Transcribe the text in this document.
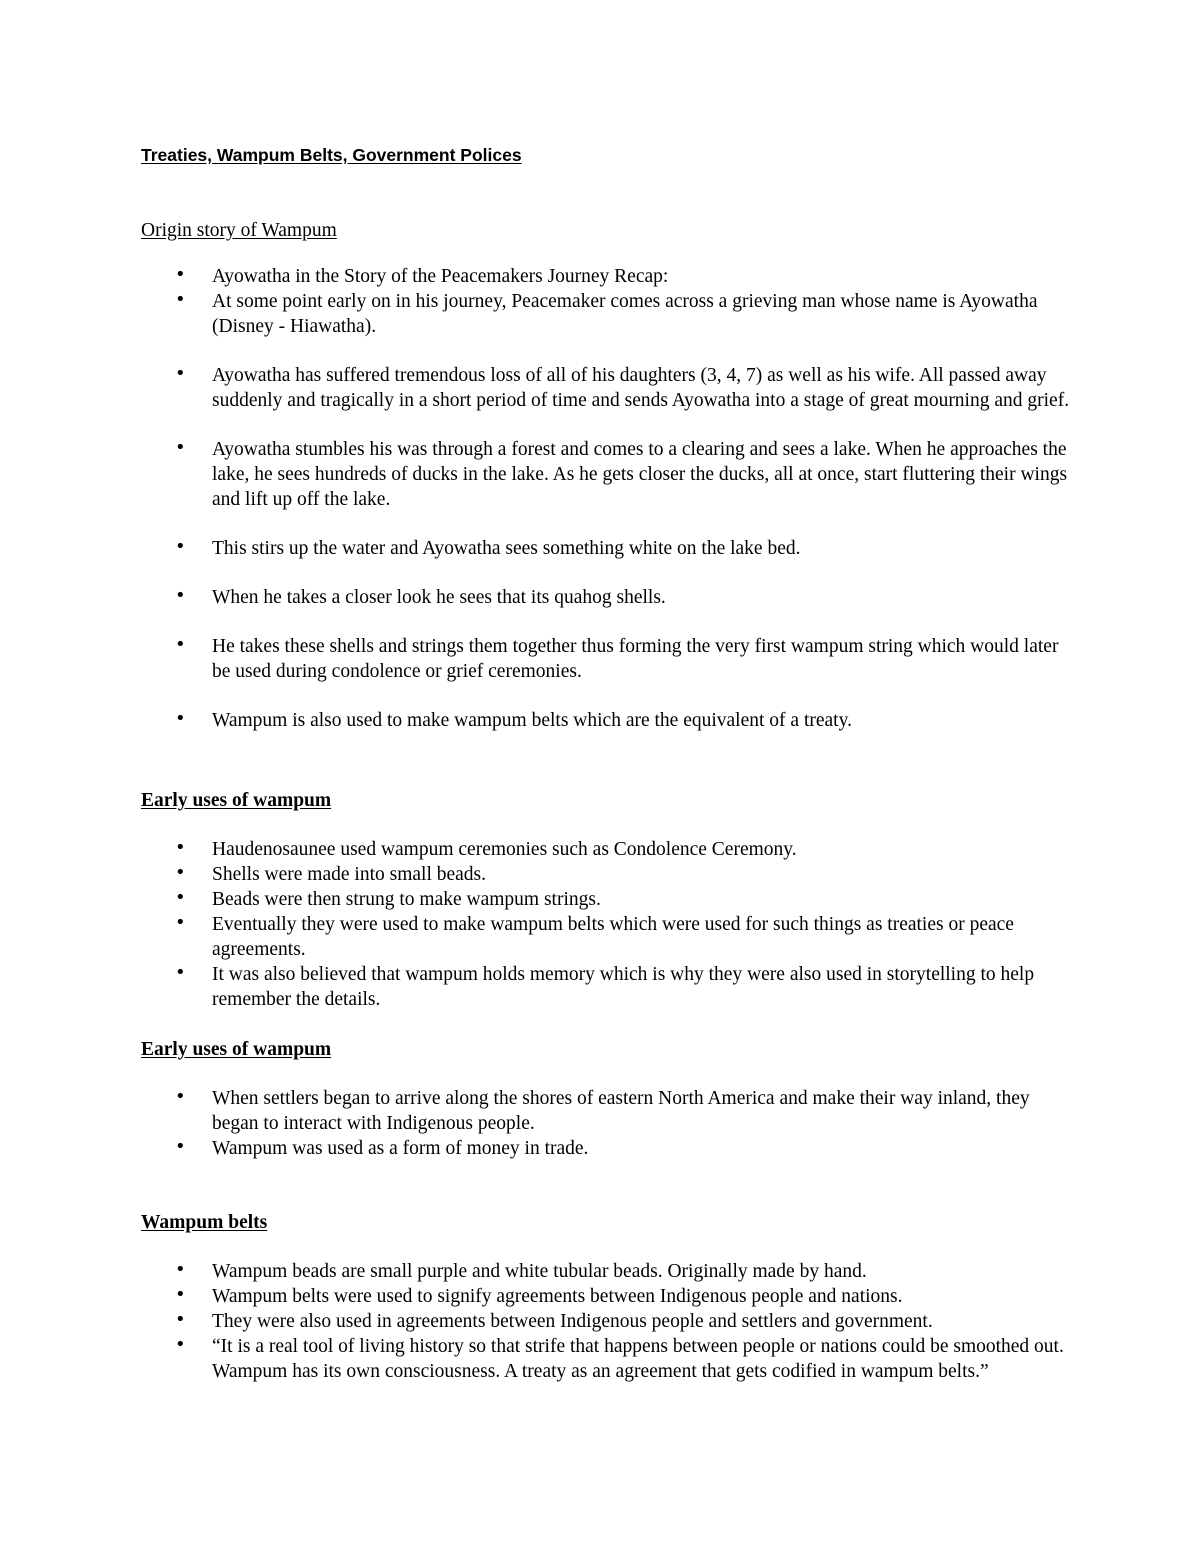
Treaties, Wampum Belts, Government Polices
Origin story of Wampum
• Ayowatha in the Story of the Peacemakers Journey Recap:
• At some point early on in his journey, Peacemaker comes across a grieving man whose name is Ayowatha (Disney - Hiawatha).
• Ayowatha has suffered tremendous loss of all of his daughters (3, 4, 7) as well as his wife. All passed away suddenly and tragically in a short period of time and sends Ayowatha into a stage of great mourning and grief.
• Ayowatha stumbles his was through a forest and comes to a clearing and sees a lake. When he approaches the lake, he sees hundreds of ducks in the lake. As he gets closer the ducks, all at once, start fluttering their wings and lift up off the lake.
• This stirs up the water and Ayowatha sees something white on the lake bed.
• When he takes a closer look he sees that its quahog shells.
• He takes these shells and strings them together thus forming the very first wampum string which would later be used during condolence or grief ceremonies.
• Wampum is also used to make wampum belts which are the equivalent of a treaty.
Early uses of wampum
• Haudenosaunee used wampum ceremonies such as Condolence Ceremony.
• Shells were made into small beads.
• Beads were then strung to make wampum strings.
• Eventually they were used to make wampum belts which were used for such things as treaties or peace agreements.
• It was also believed that wampum holds memory which is why they were also used in storytelling to help remember the details.
Early uses of wampum
• When settlers began to arrive along the shores of eastern North America and make their way inland, they began to interact with Indigenous people.
• Wampum was used as a form of money in trade.
Wampum belts
• Wampum beads are small purple and white tubular beads. Originally made by hand.
• Wampum belts were used to signify agreements between Indigenous people and nations.
• They were also used in agreements between Indigenous people and settlers and government.
• “It is a real tool of living history so that strife that happens between people or nations could be smoothed out. Wampum has its own consciousness. A treaty as an agreement that gets codified in wampum belts.”
